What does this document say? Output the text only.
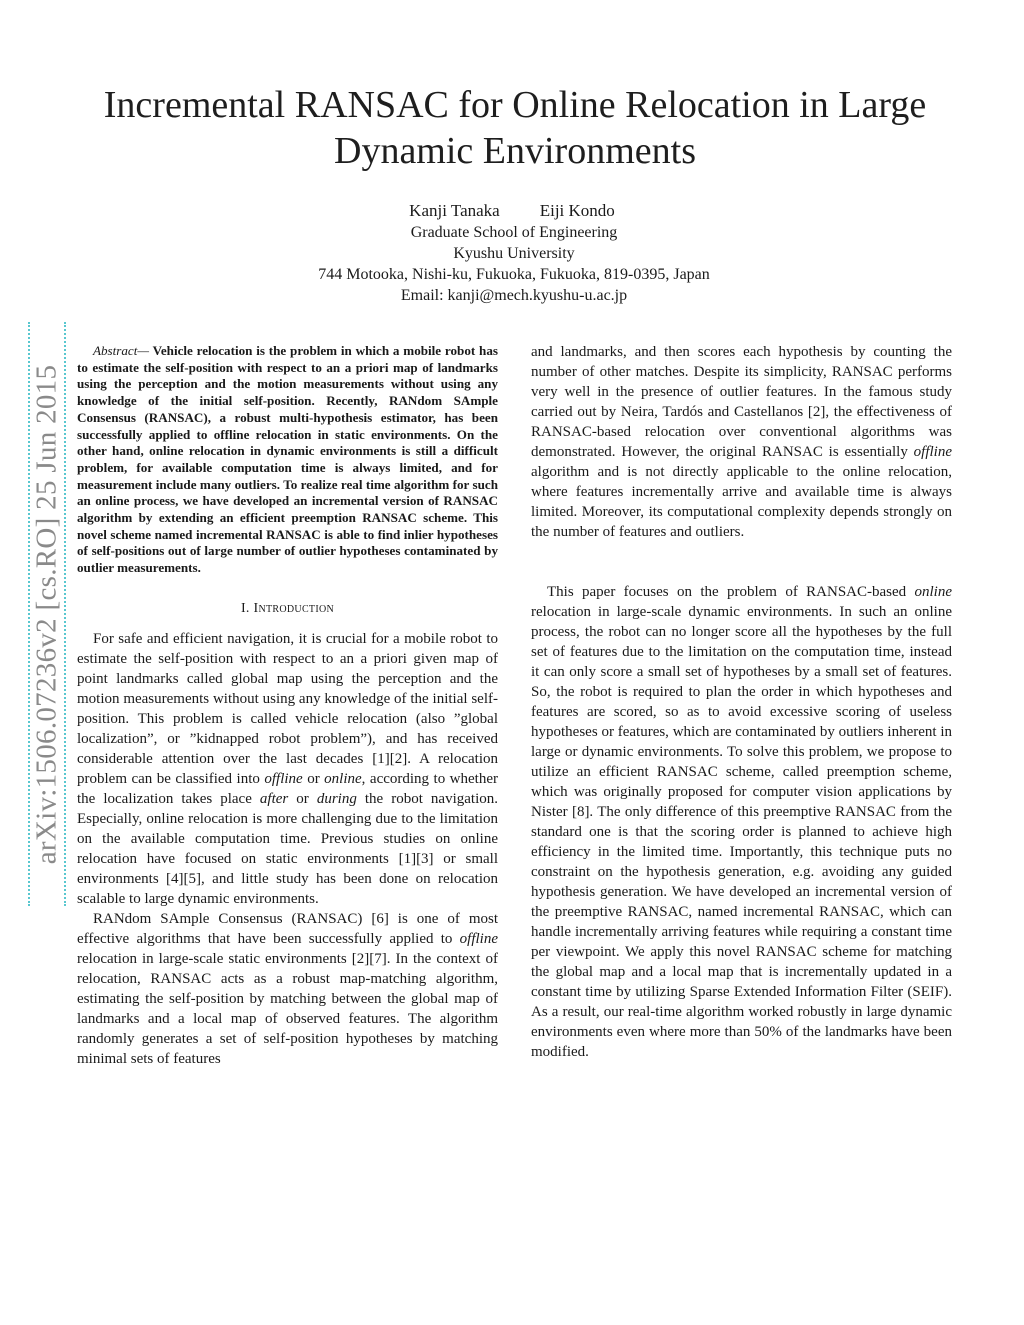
arXiv:1506.07236v2 [cs.RO] 25 Jun 2015
Incremental RANSAC for Online Relocation in Large Dynamic Environments
Kanji Tanaka Eiji Kondo
Graduate School of Engineering
Kyushu University
744 Motooka, Nishi-ku, Fukuoka, Fukuoka, 819-0395, Japan
Email: kanji@mech.kyushu-u.ac.jp

Abstract— Vehicle relocation is the problem in which a mobile robot has to estimate the self-position with respect to an a priori map of landmarks using the perception and the motion measurements without using any knowledge of the initial self-position. Recently, RANdom SAmple Consensus (RANSAC), a robust multi-hypothesis estimator, has been successfully applied to offline relocation in static environments. On the other hand, online relocation in dynamic environments is still a difficult problem, for available computation time is always limited, and for measurement include many outliers. To realize real time algorithm for such an online process, we have developed an incremental version of RANSAC algorithm by extending an efficient preemption RANSAC scheme. This novel scheme named incremental RANSAC is able to find inlier hypotheses of self-positions out of large number of outlier hypotheses contaminated by outlier measurements.

I. Introduction

For safe and efficient navigation, it is crucial for a mobile robot to estimate the self-position with respect to an a priori given map of point landmarks called global map using the perception and the motion measurements without using any knowledge of the initial self-position. This problem is called vehicle relocation (also ”global localization”, or ”kidnapped robot problem”), and has received considerable attention over the last decades [1][2]. A relocation problem can be classified into offline or online, according to whether the localization takes place after or during the robot navigation. Especially, online relocation is more challenging due to the limitation on the available computation time. Previous studies on online relocation have focused on static environments [1][3] or small environments [4][5], and little study has been done on relocation scalable to large dynamic environments.

RANdom SAmple Consensus (RANSAC) [6] is one of most effective algorithms that have been successfully applied to offline relocation in large-scale static environments [2][7]. In the context of relocation, RANSAC acts as a robust map-matching algorithm, estimating the self-position by matching between the global map of landmarks and a local map of observed features. The algorithm randomly generates a set of self-position hypotheses by matching minimal sets of features

and landmarks, and then scores each hypothesis by counting the number of other matches. Despite its simplicity, RANSAC performs very well in the presence of outlier features. In the famous study carried out by Neira, Tardós and Castellanos [2], the effectiveness of RANSAC-based relocation over conventional algorithms was demonstrated. However, the original RANSAC is essentially offline algorithm and is not directly applicable to the online relocation, where features incrementally arrive and available time is always limited. Moreover, its computational complexity depends strongly on the number of features and outliers.

This paper focuses on the problem of RANSAC-based online relocation in large-scale dynamic environments. In such an online process, the robot can no longer score all the hypotheses by the full set of features due to the limitation on the computation time, instead it can only score a small set of hypotheses by a small set of features. So, the robot is required to plan the order in which hypotheses and features are scored, so as to avoid excessive scoring of useless hypotheses or features, which are contaminated by outliers inherent in large or dynamic environments. To solve this problem, we propose to utilize an efficient RANSAC scheme, called preemption scheme, which was originally proposed for computer vision applications by Nister [8]. The only difference of this preemptive RANSAC from the standard one is that the scoring order is planned to achieve high efficiency in the limited time. Importantly, this technique puts no constraint on the hypothesis generation, e.g. avoiding any guided hypothesis generation. We have developed an incremental version of the preemptive RANSAC, named incremental RANSAC, which can handle incrementally arriving features while requiring a constant time per viewpoint. We apply this novel RANSAC scheme for matching the global map and a local map that is incrementally updated in a constant time by utilizing Sparse Extended Information Filter (SEIF). As a result, our real-time algorithm worked robustly in large dynamic environments even where more than 50% of the landmarks have been modified.
